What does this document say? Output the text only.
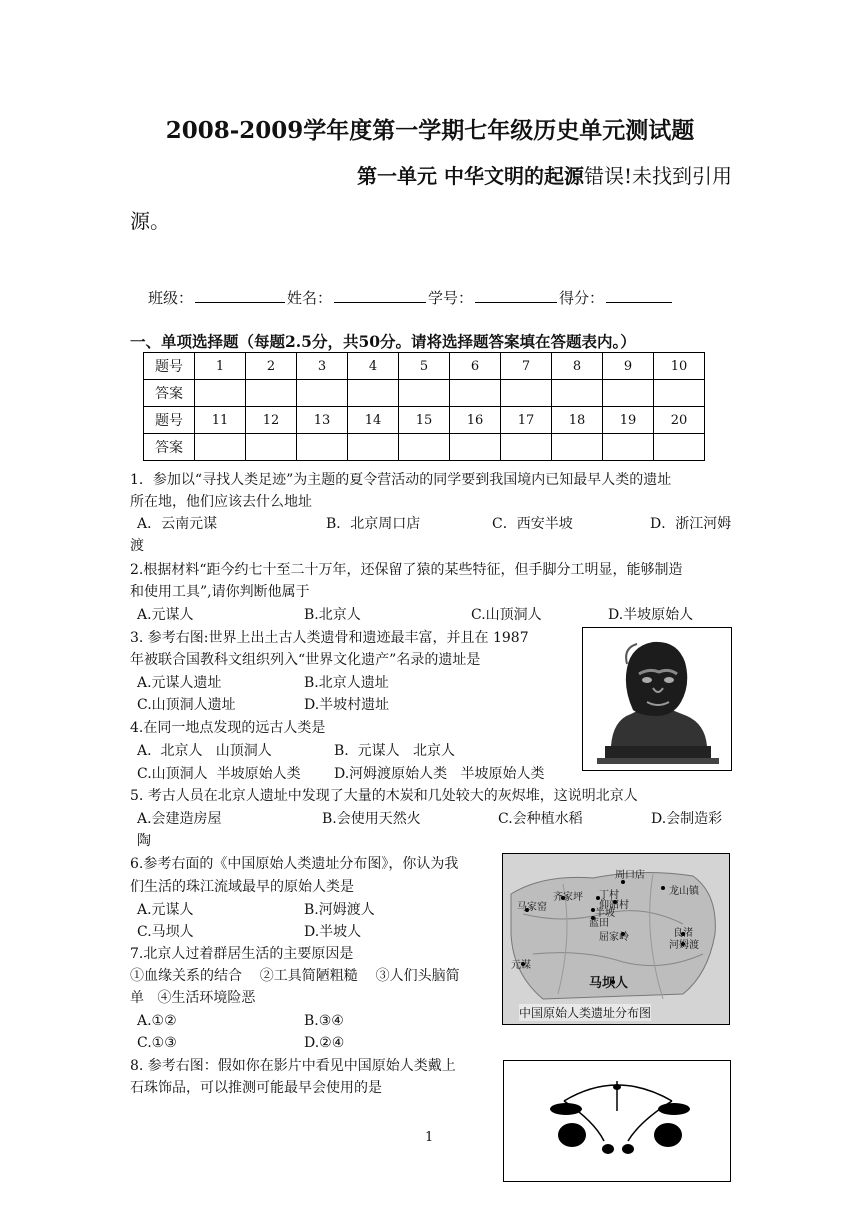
2008-2009学年度第一学期七年级历史单元测试题
第一单元 中华文明的起源错误!未找到引用
源。
班级：	姓名：	学号：	得分：
一、单项选择题（每题2.5分，共50分。请将选择题答案填在答题表内。）
题号	1	2	3	4	5	6	7	8	9	10
答案										
题号	11	12	13	14	15	16	17	18	19	20
答案										
1．参加以“寻找人类足迹”为主题的夏令营活动的同学要到我国境内已知最早人类的遗址
所在地，他们应该去什么地址
A．云南元谋	B．北京周口店	C．西安半坡	D．浙江河姆
渡
2.根据材料“距今约七十至二十万年，还保留了猿的某些特征，但手脚分工明显，能够制造
和使用工具”,请你判断他属于
A.元谋人	B.北京人	C.山顶洞人	D.半坡原始人
3. 参考右图:世界上出土古人类遗骨和遗迹最丰富，并且在 1987
年被联合国教科文组织列入“世界文化遗产”名录的遗址是
A.元谋人遗址	B.北京人遗址
C.山顶洞人遗址	D.半坡村遗址
4.在同一地点发现的远古人类是
A.  北京人   山顶洞人	B.  元谋人   北京人
C.山顶洞人  半坡原始人类 D.河姆渡原始人类   半坡原始人类
5. 考古人员在北京人遗址中发现了大量的木炭和几处较大的灰烬堆，这说明北京人
A.会建造房屋	B.会使用天然火	C.会种植水稻	D.会制造彩
陶
6.参考右面的《中国原始人类遗址分布图》，你认为我
们生活的珠江流域最早的原始人类是
A.元谋人	B.河姆渡人
C.马坝人	D.半坡人
周口店
龙山镇
齐家坪 丁村
仰韶村
马家窑
半坡
蓝田
屈家岭	良渚
河姆渡
元谋
马坝人
中国原始人类遗址分布图
7.北京人过着群居生活的主要原因是
①血缘关系的结合    ②工具简陋粗糙    ③人们头脑简
单   ④生活环境险恶
A.①②	B.③④
C.①③	D.②④
8. 参考右图：假如你在影片中看见中国原始人类戴上
石珠饰品，可以推测可能最早会使用的是
1
